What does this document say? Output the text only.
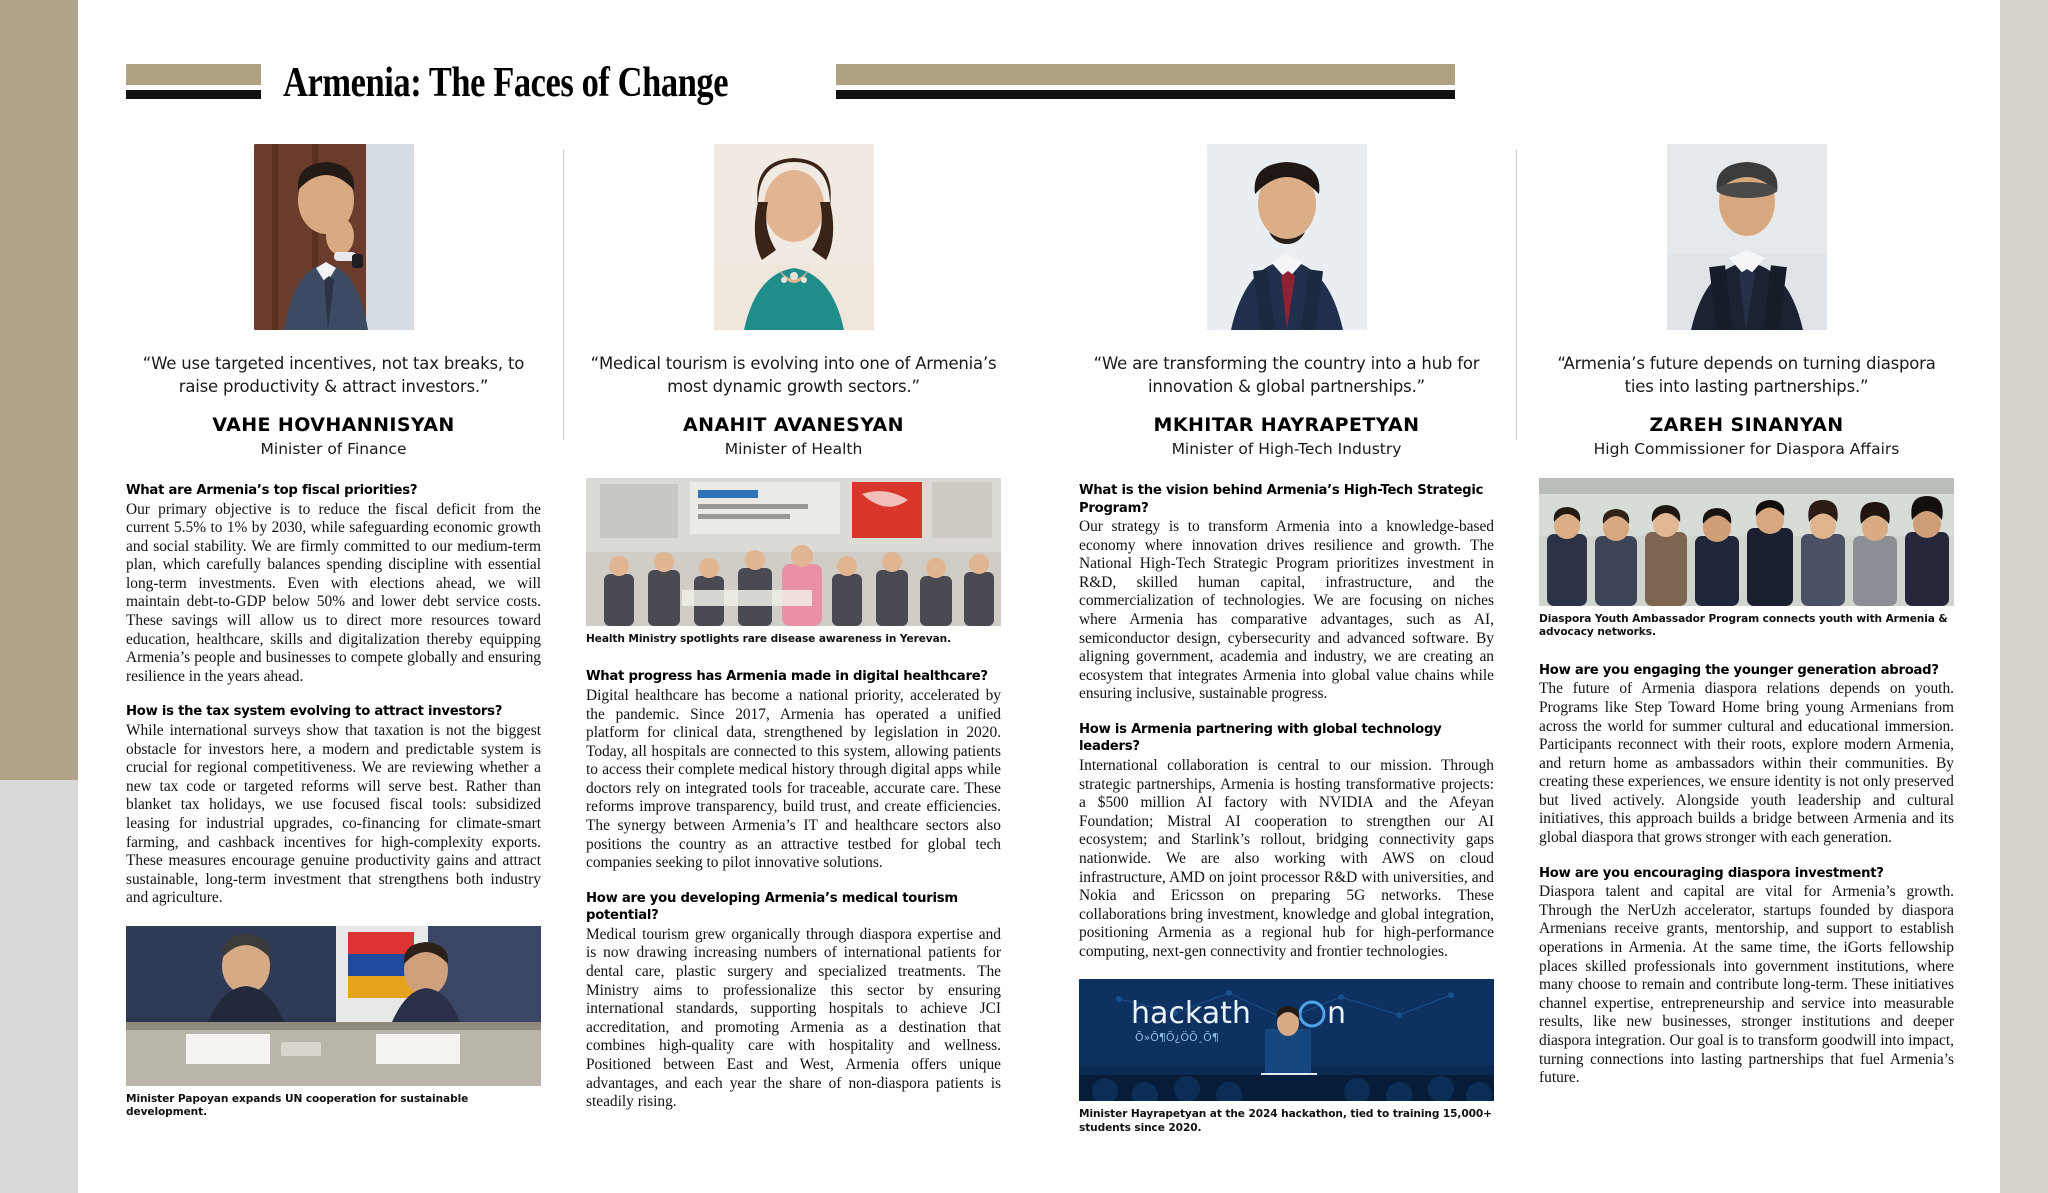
Armenia: The Faces of Change
“We use targeted incentives, not tax breaks, to raise productivity & attract investors.”
VAHE HOVHANNISYAN
Minister of Finance
What are Armenia’s top fiscal priorities?
Our primary objective is to reduce the fiscal deficit from the current 5.5% to 1% by 2030, while safeguarding economic growth and social stability. We are firmly committed to our medium-term plan, which carefully balances spending discipline with essential long-term investments. Even with elections ahead, we will maintain debt-to-GDP below 50% and lower debt service costs. These savings will allow us to direct more resources toward education, healthcare, skills and digitalization thereby equipping Armenia’s people and businesses to compete globally and ensuring resilience in the years ahead.
How is the tax system evolving to attract investors?
While international surveys show that taxation is not the biggest obstacle for investors here, a modern and predictable system is crucial for regional competitiveness. We are reviewing whether a new tax code or targeted reforms will serve best. Rather than blanket tax holidays, we use focused fiscal tools: subsidized leasing for industrial upgrades, co-financing for climate-smart farming, and cashback incentives for high-complexity exports. These measures encourage genuine productivity gains and attract sustainable, long-term investment that strengthens both industry and agriculture.
Minister Papoyan expands UN cooperation for sustainable development.
“Medical tourism is evolving into one of Armenia’s most dynamic growth sectors.”
ANAHIT AVANESYAN
Minister of Health
Health Ministry spotlights rare disease awareness in Yerevan.
What progress has Armenia made in digital healthcare?
Digital healthcare has become a national priority, accelerated by the pandemic. Since 2017, Armenia has operated a unified platform for clinical data, strengthened by legislation in 2020. Today, all hospitals are connected to this system, allowing patients to access their complete medical history through digital apps while doctors rely on integrated tools for traceable, accurate care. These reforms improve transparency, build trust, and create efficiencies. The synergy between Armenia’s IT and healthcare sectors also positions the country as an attractive testbed for global tech companies seeking to pilot innovative solutions.
How are you developing Armenia’s medical tourism potential?
Medical tourism grew organically through diaspora expertise and is now drawing increasing numbers of international patients for dental care, plastic surgery and specialized treatments. The Ministry aims to professionalize this sector by ensuring international standards, supporting hospitals to achieve JCI accreditation, and promoting Armenia as a destination that combines high-quality care with hospitality and wellness. Positioned between East and West, Armenia offers unique advantages, and each year the share of non-diaspora patients is steadily rising.
“We are transforming the country into a hub for innovation & global partnerships.”
MKHITAR HAYRAPETYAN
Minister of High-Tech Industry
What is the vision behind Armenia’s High-Tech Strategic Program?
Our strategy is to transform Armenia into a knowledge-based economy where innovation drives resilience and growth. The National High-Tech Strategic Program prioritizes investment in R&D, skilled human capital, infrastructure, and the commercialization of technologies. We are focusing on niches where Armenia has comparative advantages, such as AI, semiconductor design, cybersecurity and advanced software. By aligning government, academia and industry, we are creating an ecosystem that integrates Armenia into global value chains while ensuring inclusive, sustainable progress.
How is Armenia partnering with global technology leaders?
International collaboration is central to our mission. Through strategic partnerships, Armenia is hosting transformative projects: a $500 million AI factory with NVIDIA and the Afeyan Foundation; Mistral AI cooperation to strengthen our AI ecosystem; and Starlink’s rollout, bridging connectivity gaps nationwide. We are also working with AWS on cloud infrastructure, AMD on joint processor R&D with universities, and Nokia and Ericsson on preparing 5G networks. These collaborations bring investment, knowledge and global integration, positioning Armenia as a regional hub for high-performance computing, next-gen connectivity and frontier technologies.
hackath	n
Õ»Õ¶Õ¿ÖÕ¸Õ¶
Minister Hayrapetyan at the 2024 hackathon, tied to training 15,000+ students since 2020.
“Armenia’s future depends on turning diaspora ties into lasting partnerships.”
ZAREH SINANYAN
High Commissioner for Diaspora Affairs
Diaspora Youth Ambassador Program connects youth with Armenia & advocacy networks.
How are you engaging the younger generation abroad?
The future of Armenia diaspora relations depends on youth. Programs like Step Toward Home bring young Armenians from across the world for summer cultural and educational immersion. Participants reconnect with their roots, explore modern Armenia, and return home as ambassadors within their communities. By creating these experiences, we ensure identity is not only preserved but lived actively. Alongside youth leadership and cultural initiatives, this approach builds a bridge between Armenia and its global diaspora that grows stronger with each generation.
How are you encouraging diaspora investment?
Diaspora talent and capital are vital for Armenia’s growth. Through the NerUzh accelerator, startups founded by diaspora Armenians receive grants, mentorship, and support to establish operations in Armenia. At the same time, the iGorts fellowship places skilled professionals into government institutions, where many choose to remain and contribute long-term. These initiatives channel expertise, entrepreneurship and service into measurable results, like new businesses, stronger institutions and deeper diaspora integration. Our goal is to transform goodwill into impact, turning connections into lasting partnerships that fuel Armenia’s future.
